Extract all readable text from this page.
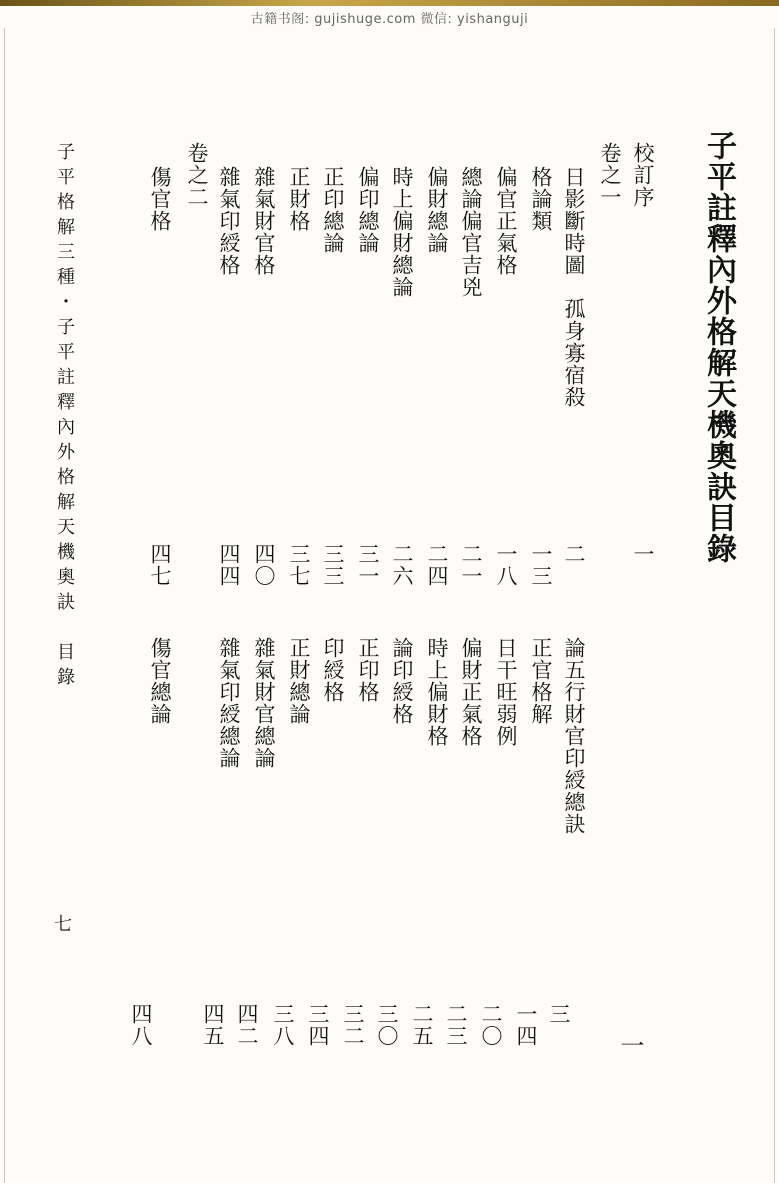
古籍书阁: gujishuge.com 微信: yishanguji
子平註釋內外格解天機奧訣目錄
校訂序
卷之一
日影斷時圖　孤身寡宿殺
格論類
偏官正氣格
總論偏官吉兇
偏財總論
時上偏財總論
偏印總論
正印總論
正財格
雜氣財官格
雜氣印綬格
卷之二
傷官格
一
二
一三
一八
二一
二四
二六
三一
三三
三七
四〇
四四
四七
論五行財官印綬總訣
正官格解
日干旺弱例
偏財正氣格
時上偏財格
論印綬格
正印格
印綬格
正財總論
雜氣財官總論
雜氣印綬總論
傷官總論
一
三
一四
二〇
二三
二五
三〇
三二
三四
三八
四二
四五
四八
子平格解三種・子平註釋內外格解天機奧訣　目錄
七
